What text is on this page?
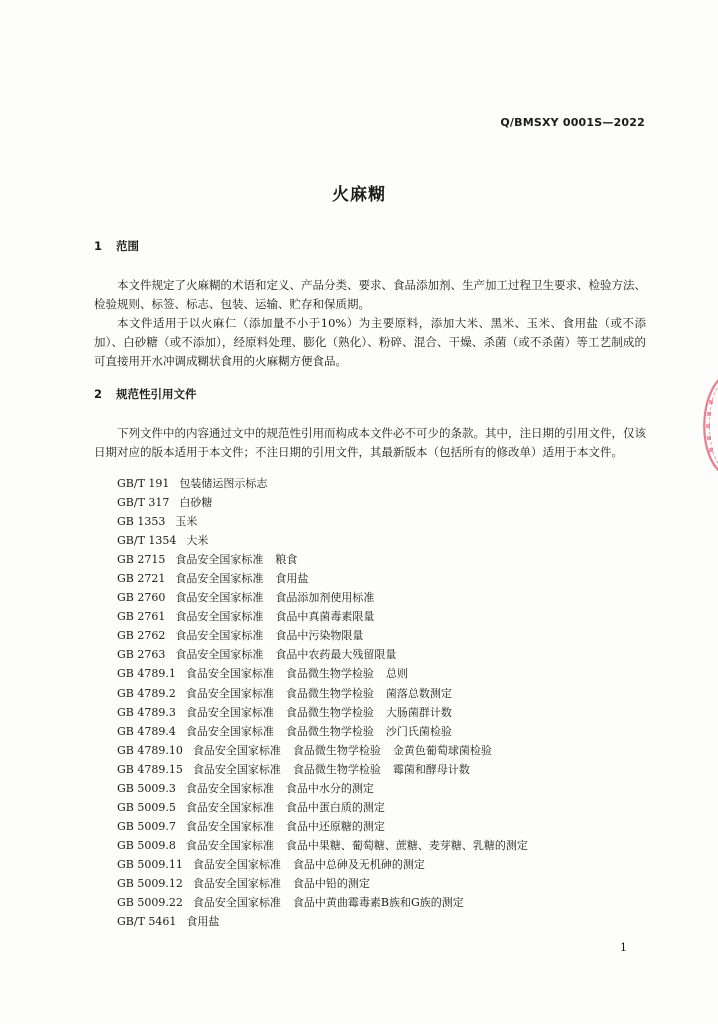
Q/BMSXY 0001S—2022
火麻糊
1 范围

本文件规定了火麻糊的术语和定义、产品分类、要求、食品添加剂、生产加工过程卫生要求、检验方法、检验规则、标签、标志、包装、运输、贮存和保质期。

本文件适用于以火麻仁（添加量不小于10%）为主要原料，添加大米、黑米、玉米、食用盐（或不添加）、白砂糖（或不添加），经原料处理、膨化（熟化）、粉碎、混合、干燥、杀菌（或不杀菌）等工艺制成的可直接用开水冲调成糊状食用的火麻糊方便食品。

2 规范性引用文件

下列文件中的内容通过文中的规范性引用而构成本文件必不可少的条款。其中，注日期的引用文件，仅该日期对应的版本适用于本文件；不注日期的引用文件，其最新版本（包括所有的修改单）适用于本文件。

GB/T 191 包装储运图示标志
GB/T 317 白砂糖
GB 1353 玉米
GB/T 1354 大米
GB 2715 食品安全国家标准 粮食
GB 2721 食品安全国家标准 食用盐
GB 2760 食品安全国家标准 食品添加剂使用标准
GB 2761 食品安全国家标准 食品中真菌毒素限量
GB 2762 食品安全国家标准 食品中污染物限量
GB 2763 食品安全国家标准 食品中农药最大残留限量
GB 4789.1 食品安全国家标准 食品微生物学检验 总则
GB 4789.2 食品安全国家标准 食品微生物学检验 菌落总数测定
GB 4789.3 食品安全国家标准 食品微生物学检验 大肠菌群计数
GB 4789.4 食品安全国家标准 食品微生物学检验 沙门氏菌检验
GB 4789.10 食品安全国家标准 食品微生物学检验 金黄色葡萄球菌检验
GB 4789.15 食品安全国家标准 食品微生物学检验 霉菌和酵母计数
GB 5009.3 食品安全国家标准 食品中水分的测定
GB 5009.5 食品安全国家标准 食品中蛋白质的测定
GB 5009.7 食品安全国家标准 食品中还原糖的测定
GB 5009.8 食品安全国家标准 食品中果糖、葡萄糖、蔗糖、麦芽糖、乳糖的测定
GB 5009.11 食品安全国家标准 食品中总砷及无机砷的测定
GB 5009.12 食品安全国家标准 食品中铅的测定
GB 5009.22 食品安全国家标准 食品中黄曲霉毒素B族和G族的测定
GB/T 5461 食用盐
1
